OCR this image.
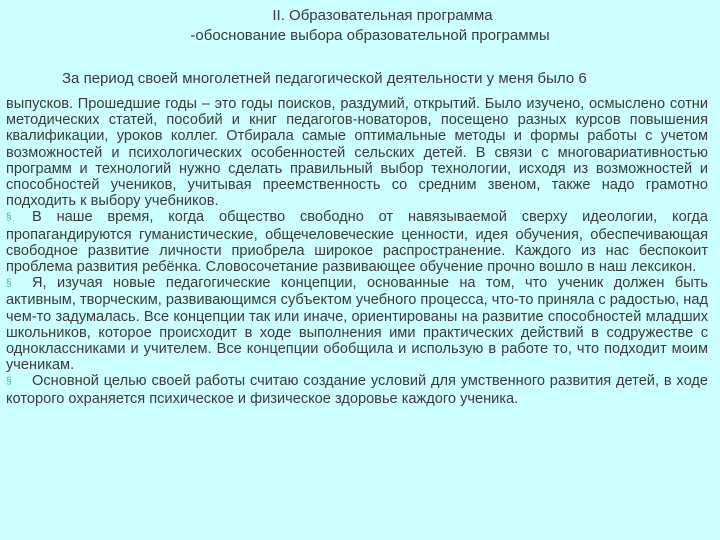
II. Образовательная программа
-обоснование выбора образовательной программы
За период своей многолетней педагогической деятельности у меня было 6

выпусков. Прошедшие годы – это годы поисков, раздумий, открытий. Было изучено, осмыслено сотни методических статей, пособий и книг педагогов-новаторов, посещено разных курсов повышения квалификации, уроков коллег. Отбирала самые оптимальные методы и формы работы с учетом возможностей и психологических особенностей сельских детей. В связи с многовариативностью программ и технологий нужно сделать правильный выбор технологии, исходя из возможностей и способностей учеников, учитывая преемственность со средним звеном, также надо грамотно подходить к выбору учебников.

§ В наше время, когда общество свободно от навязываемой сверху идеологии, когда пропагандируются гуманистические, общечеловеческие ценности, идея обучения, обеспечивающая свободное развитие личности приобрела широкое распространение. Каждого из нас беспокоит проблема развития ребёнка. Словосочетание развивающее обучение прочно вошло в наш лексикон.

§ Я, изучая новые педагогические концепции, основанные на том, что ученик должен быть активным, творческим, развивающимся субъектом учебного процесса, что-то приняла с радостью, над чем-то задумалась. Все концепции так или иначе, ориентированы на развитие способностей младших школьников, которое происходит в ходе выполнения ими практических действий в содружестве с одноклассниками и учителем. Все концепции обобщила и использую в работе то, что подходит моим ученикам.

§ Основной целью своей работы считаю создание условий для умственного развития детей, в ходе которого охраняется психическое и физическое здоровье каждого ученика.
